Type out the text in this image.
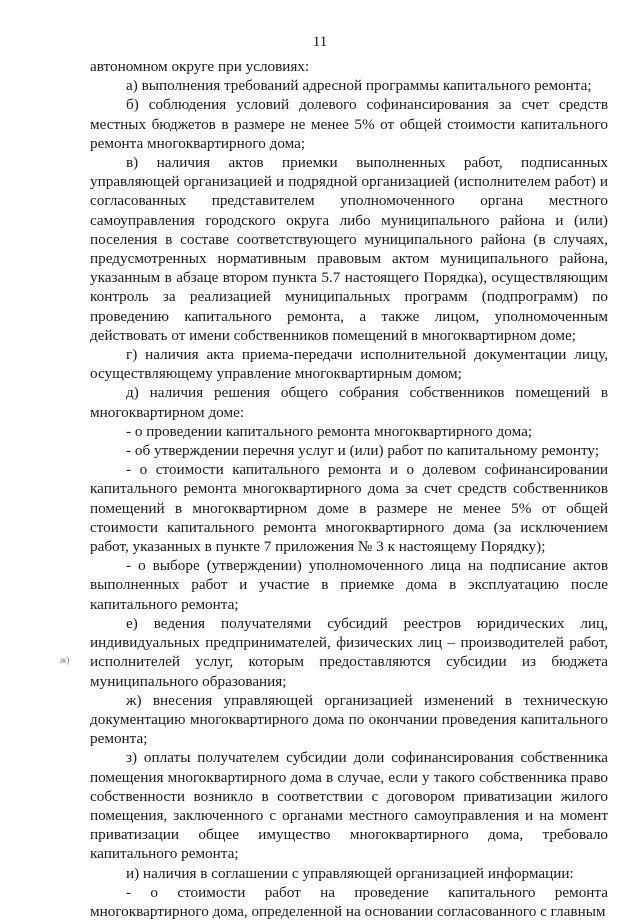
11
ж)

автономном округе при условиях:

а) выполнения требований адресной программы капитального ремонта;

б) соблюдения условий долевого софинансирования за счет средств местных бюджетов в размере не менее 5% от общей стоимости капитального ремонта многоквартирного дома;

в) наличия актов приемки выполненных работ, подписанных управляющей организацией и подрядной организацией (исполнителем работ) и согласованных представителем уполномоченного органа местного самоуправления городского округа либо муниципального района и (или) поселения в составе соответствующего муниципального района (в случаях, предусмотренных нормативным правовым актом муниципального района, указанным в абзаце втором пункта 5.7 настоящего Порядка), осуществляющим контроль за реализацией муниципальных программ (подпрограмм) по проведению капитального ремонта, а также лицом, уполномоченным действовать от имени собственников помещений в многоквартирном доме;

г) наличия акта приема-передачи исполнительной документации лицу, осуществляющему управление многоквартирным домом;

д) наличия решения общего собрания собственников помещений в многоквартирном доме:

- о проведении капитального ремонта многоквартирного дома;

- об утверждении перечня услуг и (или) работ по капитальному ремонту;

- о стоимости капитального ремонта и о долевом софинансировании капитального ремонта многоквартирного дома за счет средств собственников помещений в многоквартирном доме в размере не менее 5% от общей стоимости капитального ремонта многоквартирного дома (за исключением работ, указанных в пункте 7 приложения № 3 к настоящему Порядку);

- о выборе (утверждении) уполномоченного лица на подписание актов выполненных работ и участие в приемке дома в эксплуатацию после капитального ремонта;

е) ведения получателями субсидий реестров юридических лиц, индивидуальных предпринимателей, физических лиц – производителей работ, исполнителей услуг, которым предоставляются субсидии из бюджета муниципального образования;

ж) внесения управляющей организацией изменений в техническую документацию многоквартирного дома по окончании проведения капитального ремонта;

з) оплаты получателем субсидии доли софинансирования собственника помещения многоквартирного дома в случае, если у такого собственника право собственности возникло в соответствии с договором приватизации жилого помещения, заключенного с органами местного самоуправления и на момент приватизации общее имущество многоквартирного дома, требовало капитального ремонта;

и) наличия в соглашении с управляющей организацией информации:

- о стоимости работ на проведение капитального ремонта многоквартирного дома, определенной на основании согласованного с главным
